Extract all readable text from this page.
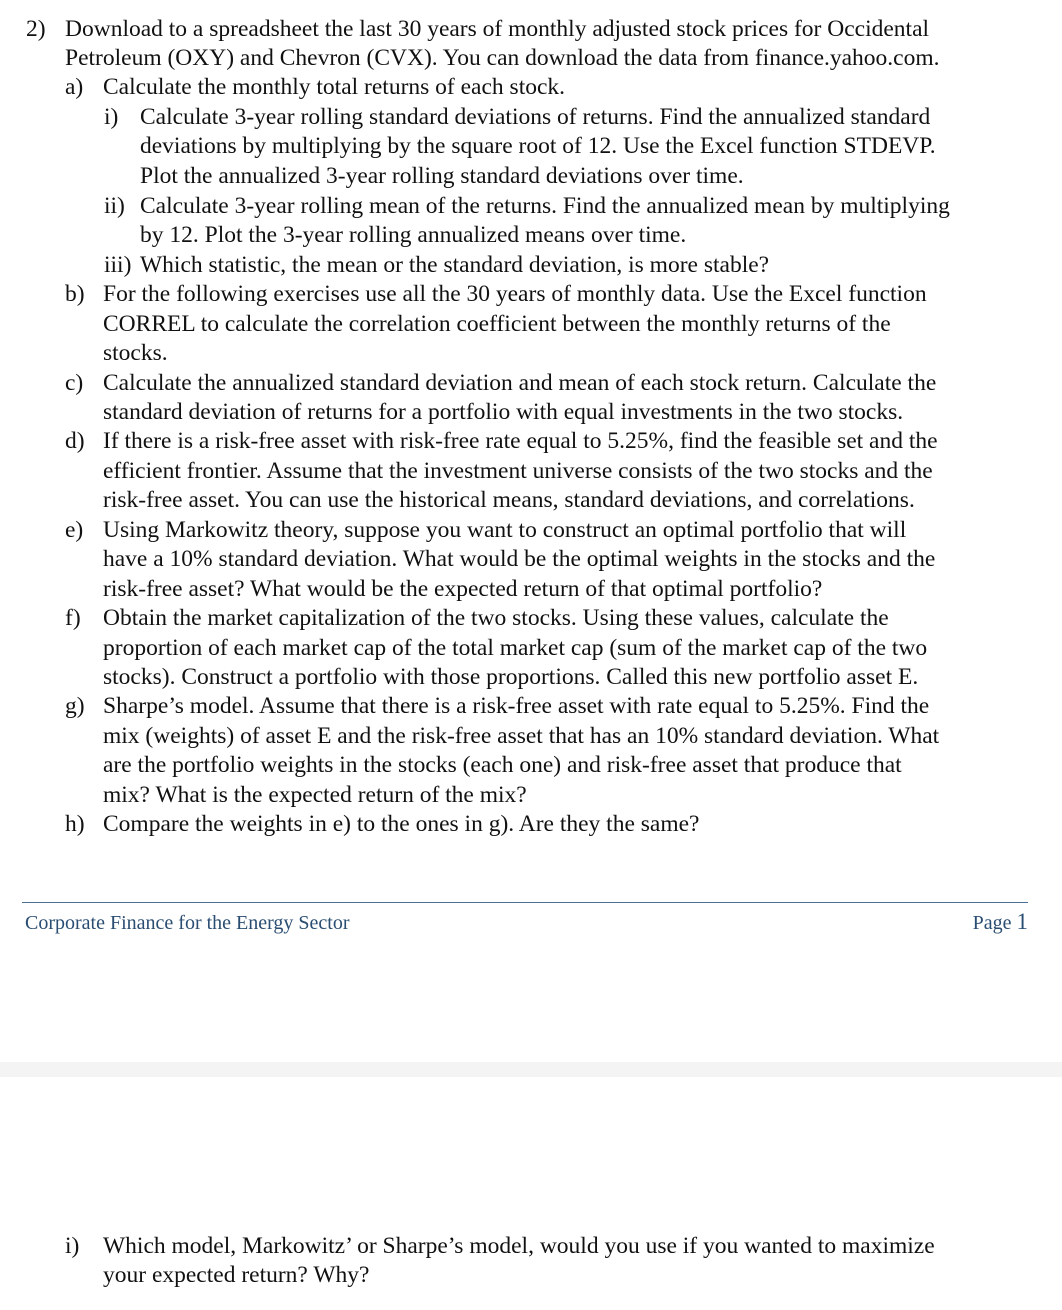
2) Download to a spreadsheet the last 30 years of monthly adjusted stock prices for Occidental
Petroleum (OXY) and Chevron (CVX). You can download the data from finance.yahoo.com.
a) Calculate the monthly total returns of each stock.
i) Calculate 3-year rolling standard deviations of returns. Find the annualized standard
deviations by multiplying by the square root of 12. Use the Excel function STDEVP.
Plot the annualized 3-year rolling standard deviations over time.
ii) Calculate 3-year rolling mean of the returns. Find the annualized mean by multiplying
by 12. Plot the 3-year rolling annualized means over time.
iii) Which statistic, the mean or the standard deviation, is more stable?
b) For the following exercises use all the 30 years of monthly data. Use the Excel function
CORREL to calculate the correlation coefficient between the monthly returns of the
stocks.
c) Calculate the annualized standard deviation and mean of each stock return. Calculate the
standard deviation of returns for a portfolio with equal investments in the two stocks.
d) If there is a risk-free asset with risk-free rate equal to 5.25%, find the feasible set and the
efficient frontier. Assume that the investment universe consists of the two stocks and the
risk-free asset. You can use the historical means, standard deviations, and correlations.
e) Using Markowitz theory, suppose you want to construct an optimal portfolio that will
have a 10% standard deviation. What would be the optimal weights in the stocks and the
risk-free asset? What would be the expected return of that optimal portfolio?
f) Obtain the market capitalization of the two stocks. Using these values, calculate the
proportion of each market cap of the total market cap (sum of the market cap of the two
stocks). Construct a portfolio with those proportions. Called this new portfolio asset E.
g) Sharpe’s model. Assume that there is a risk-free asset with rate equal to 5.25%. Find the
mix (weights) of asset E and the risk-free asset that has an 10% standard deviation. What
are the portfolio weights in the stocks (each one) and risk-free asset that produce that
mix? What is the expected return of the mix?
h) Compare the weights in e) to the ones in g). Are they the same?
Corporate Finance for the Energy Sector	Page 1
i) Which model, Markowitz’ or Sharpe’s model, would you use if you wanted to maximize
your expected return? Why?
